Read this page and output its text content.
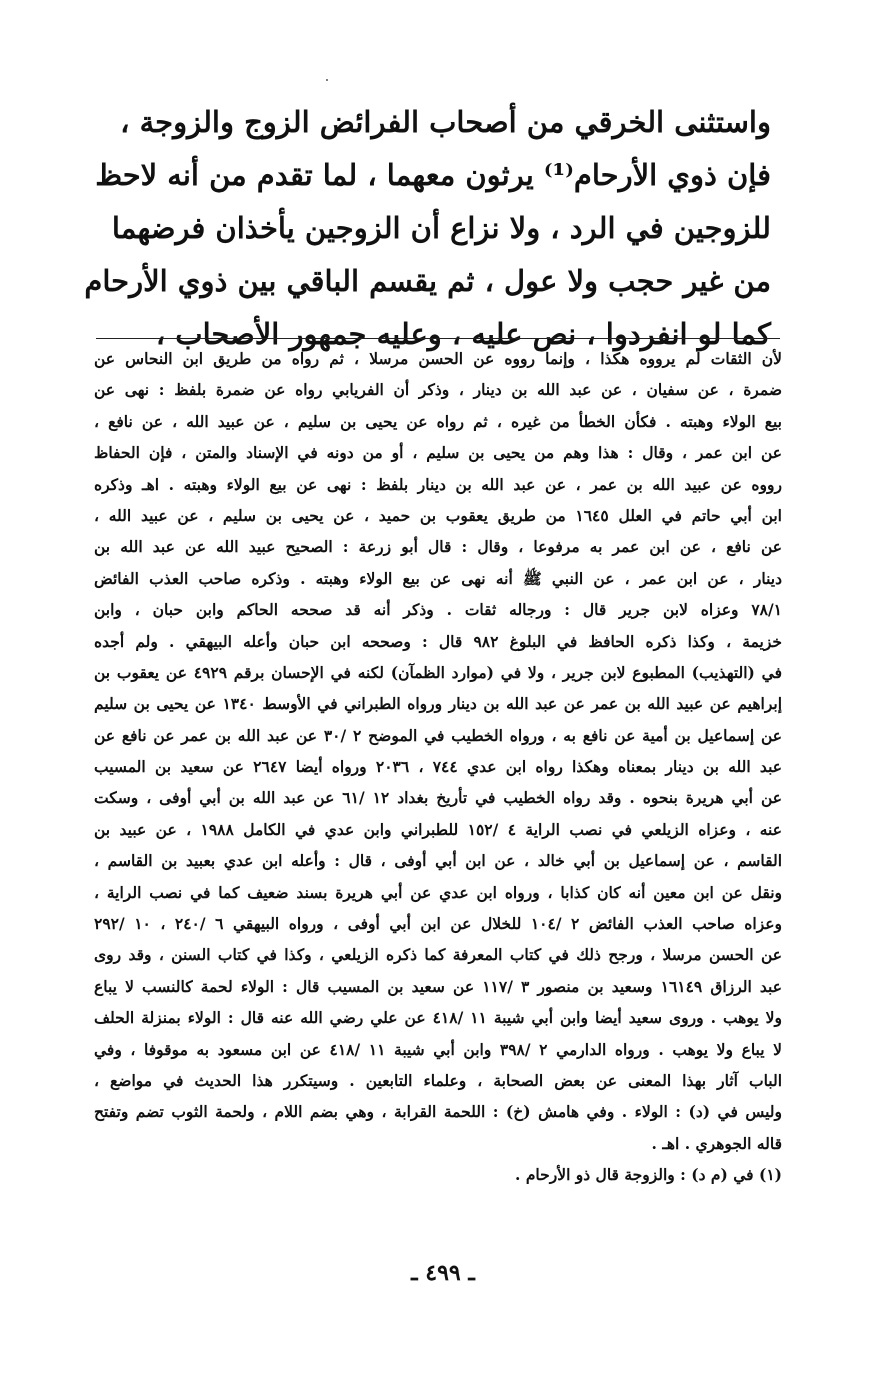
واستثنى الخرقي من أصحاب الفرائض الزوج والزوجة ،
فإن ذوي الأرحام⁽¹⁾ يرثون معهما ، لما تقدم من أنه لاحظ
للزوجين في الرد ، ولا نزاع أن الزوجين يأخذان فرضهما
من غير حجب ولا عول ، ثم يقسم الباقي بين ذوي الأرحام
كما لو انفردوا ، نص عليه ، وعليه جمهور الأصحاب ،
لأن الثقات لم يرووه هكذا ، وإنما رووه عن الحسن مرسلا ، ثم رواه من طريق ابن النحاس عن
ضمرة ، عن سفيان ، عن عبد الله بن دينار ، وذكر أن الفريابي رواه عن ضمرة بلفظ : نهى عن
بيع الولاء وهبته . فكأن الخطأ من غيره ، ثم رواه عن يحيى بن سليم ، عن عبيد الله ، عن نافع ،
عن ابن عمر ، وقال : هذا وهم من يحيى بن سليم ، أو من دونه في الإسناد والمتن ، فإن الحفاظ
رووه عن عبيد الله بن عمر ، عن عبد الله بن دينار بلفظ : نهى عن بيع الولاء وهبته . اهـ وذكره
ابن أبي حاتم في العلل ١٦٤٥ من طريق يعقوب بن حميد ، عن يحيى بن سليم ، عن عبيد الله ،
عن نافع ، عن ابن عمر به مرفوعا ، وقال : قال أبو زرعة : الصحيح عبيد الله عن عبد الله بن
دينار ، عن ابن عمر ، عن النبي ﷺ أنه نهى عن بيع الولاء وهبته . وذكره صاحب العذب الفائض
٧٨/١ وعزاه لابن جرير قال : ورجاله ثقات . وذكر أنه قد صححه الحاكم وابن حبان ، وابن
خزيمة ، وكذا ذكره الحافظ في البلوغ ٩٨٢ قال : وصححه ابن حبان وأعله البيهقي . ولم أجده
في (التهذيب) المطبوع لابن جرير ، ولا في (موارد الظمآن) لكنه في الإحسان برقم ٤٩٢٩ عن يعقوب بن
إبراهيم عن عبيد الله بن عمر عن عبد الله بن دينار ورواه الطبراني في الأوسط ١٣٤٠ عن يحيى بن سليم
عن إسماعيل بن أمية عن نافع به ، ورواه الخطيب في الموضح ٢ /٣٠ عن عبد الله بن عمر عن نافع عن
عبد الله بن دينار بمعناه وهكذا رواه ابن عدي ٧٤٤ ، ٢٠٣٦ ورواه أيضا ٢٦٤٧ عن سعيد بن المسيب
عن أبي هريرة بنحوه . وقد رواه الخطيب في تأريخ بغداد ١٢ /٦١ عن عبد الله بن أبي أوفى ، وسكت
عنه ، وعزاه الزيلعي في نصب الراية ٤ /١٥٢ للطبراني وابن عدي في الكامل ١٩٨٨ ، عن عبيد بن
القاسم ، عن إسماعيل بن أبي خالد ، عن ابن أبي أوفى ، قال : وأعله ابن عدي بعبيد بن القاسم ،
ونقل عن ابن معين أنه كان كذابا ، ورواه ابن عدي عن أبي هريرة بسند ضعيف كما في نصب الراية ،
وعزاه صاحب العذب الفائض ٢ /١٠٤ للخلال عن ابن أبي أوفى ، ورواه البيهقي ٦ /٢٤٠ ، ١٠ /٢٩٢
عن الحسن مرسلا ، ورجح ذلك في كتاب المعرفة كما ذكره الزيلعي ، وكذا في كتاب السنن ، وقد روى
عبد الرزاق ١٦١٤٩ وسعيد بن منصور ٣ /١١٧ عن سعيد بن المسيب قال : الولاء لحمة كالنسب لا يباع
ولا يوهب . وروى سعيد أيضا وابن أبي شيبة ١١ /٤١٨ عن علي رضي الله عنه قال : الولاء بمنزلة الحلف
لا يباع ولا يوهب . ورواه الدارمي ٢ /٣٩٨ وابن أبي شيبة ١١ /٤١٨ عن ابن مسعود به موقوفا ، وفي
الباب آثار بهذا المعنى عن بعض الصحابة ، وعلماء التابعين . وسيتكرر هذا الحديث في مواضع ،
وليس في (د) : الولاء . وفي هامش (خ) : اللحمة القرابة ، وهي بضم اللام ، ولحمة الثوب تضم وتفتح
قاله الجوهري . اهـ .
(١) في (م د) : والزوجة قال ذو الأرحام .
ـ ٤٩٩ ـ
